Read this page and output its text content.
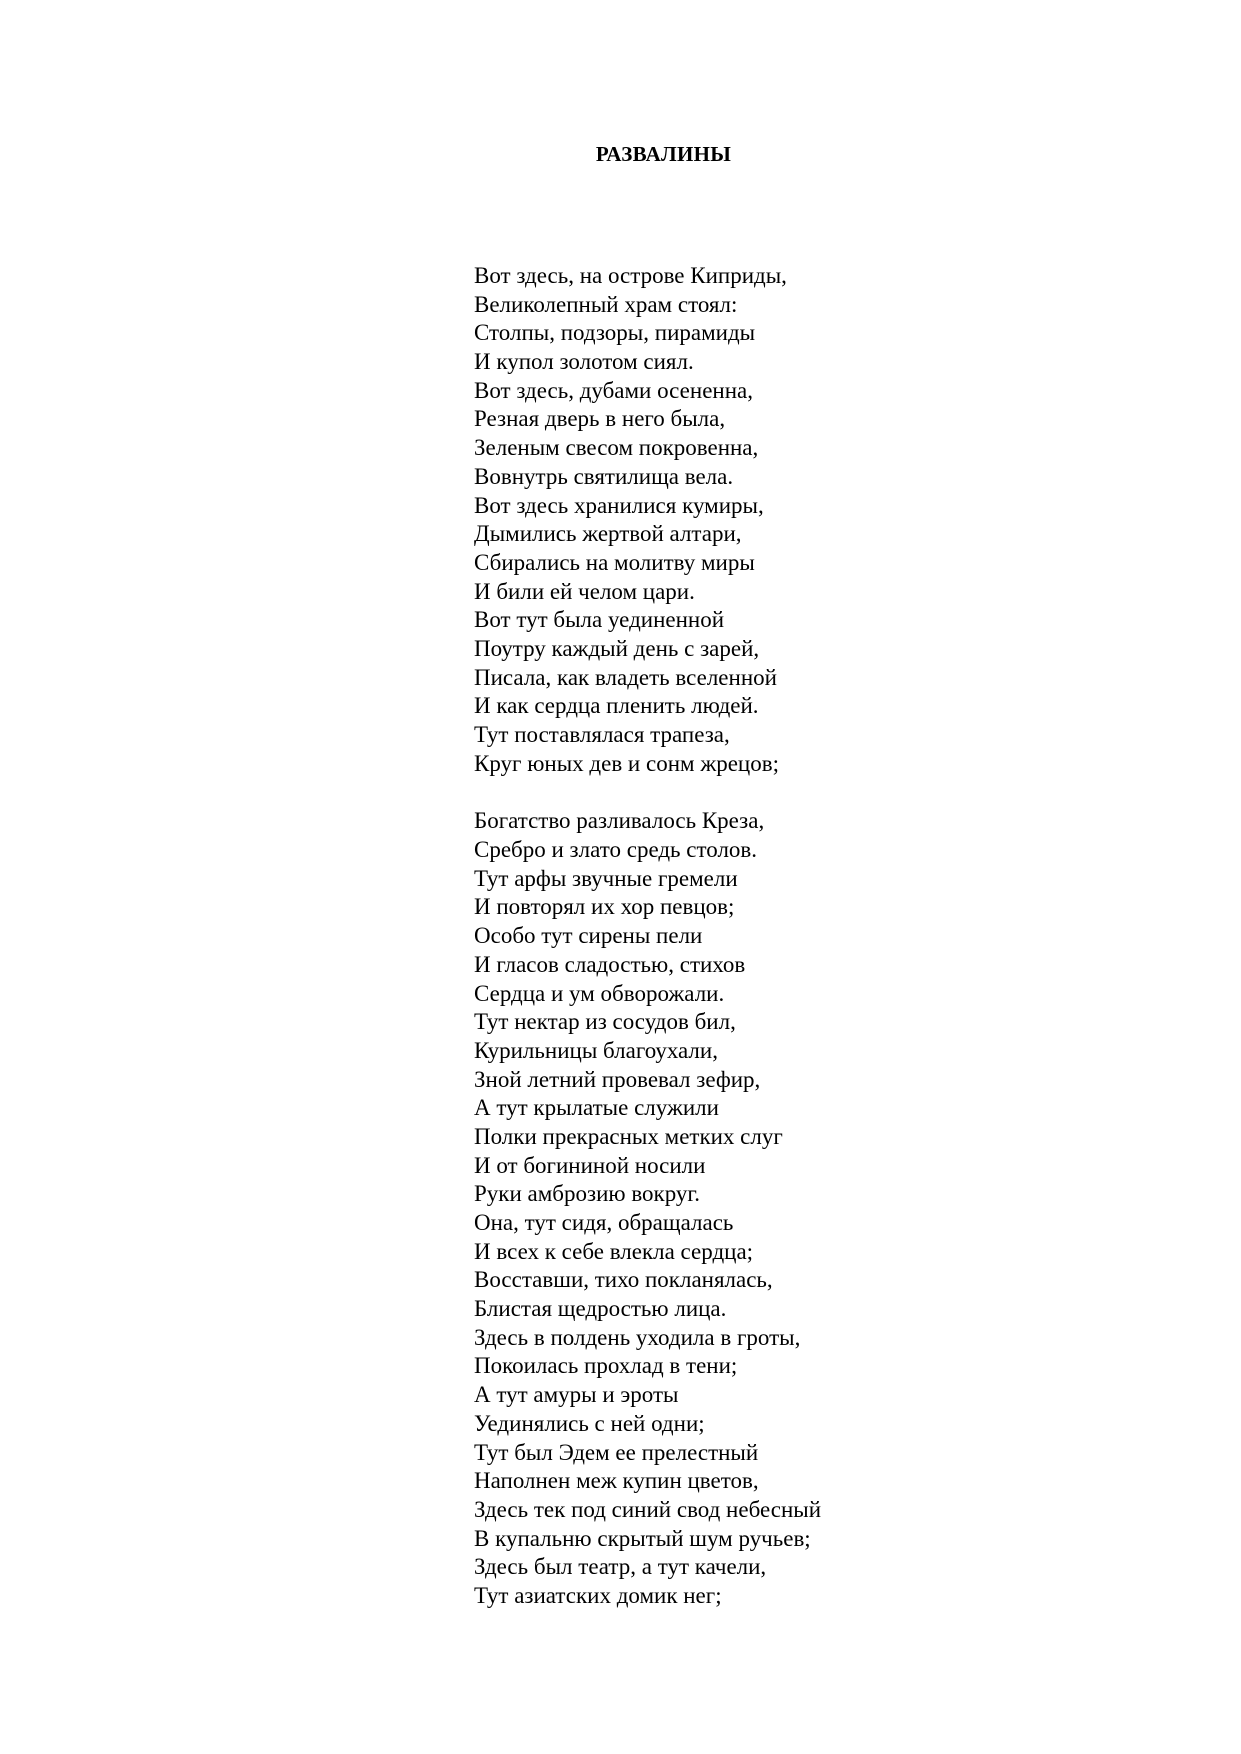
РАЗВАЛИНЫ
Вот здесь, на острове Киприды,
Великолепный храм стоял:
Столпы, подзоры, пирамиды
И купол золотом сиял.
Вот здесь, дубами осененна,
Резная дверь в него была,
Зеленым свесом покровенна,
Вовнутрь святилища вела.
Вот здесь хранилися кумиры,
Дымились жертвой алтари,
Сбирались на молитву миры
И били ей челом цари.
Вот тут была уединенной
Поутру каждый день с зарей,
Писала, как владеть вселенной
И как сердца пленить людей.
Тут поставлялася трапеза,
Круг юных дев и сонм жрецов;
Богатство разливалось Креза,
Сребро и злато средь столов.
Тут арфы звучные гремели
И повторял их хор певцов;
Особо тут сирены пели
И гласов сладостью, стихов
Сердца и ум обворожали.
Тут нектар из сосудов бил,
Курильницы благоухали,
Зной летний провевал зефир,
А тут крылатые служили
Полки прекрасных метких слуг
И от богининой носили
Руки амброзию вокруг.
Она, тут сидя, обращалась
И всех к себе влекла сердца;
Восставши, тихо покланялась,
Блистая щедростью лица.
Здесь в полдень уходила в гроты,
Покоилась прохлад в тени;
А тут амуры и эроты
Уединялись с ней одни;
Тут был Эдем ее прелестный
Наполнен меж купин цветов,
Здесь тек под синий свод небесный
В купальню скрытый шум ручьев;
Здесь был театр, а тут качели,
Тут азиатских домик нег;
